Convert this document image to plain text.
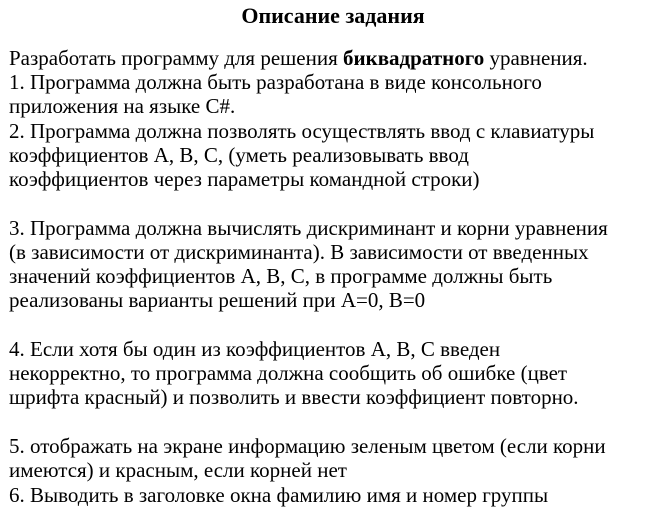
Описание задания
Разработать программу для решения биквадратного уравнения.
1. Программа должна быть разработана в виде консольного
приложения на языке C#.
2. Программа должна позволять осуществлять ввод с клавиатуры
коэффициентов А, В, С, (уметь реализовывать ввод
коэффициентов через параметры командной строки)
3. Программа должна вычислять дискриминант и корни уравнения
(в зависимости от дискриминанта). В зависимости от введенных
значений коэффициентов А, В, С, в программе должны быть
реализованы варианты решений при А=0, В=0
4. Если хотя бы один из коэффициентов А, В, С введен
некорректно, то программа должна сообщить об ошибке (цвет
шрифта красный) и позволить и ввести коэффициент повторно.
5. отображать на экране информацию зеленым цветом (если корни
имеются) и красным, если корней нет
6. Выводить в заголовке окна фамилию имя и номер группы
